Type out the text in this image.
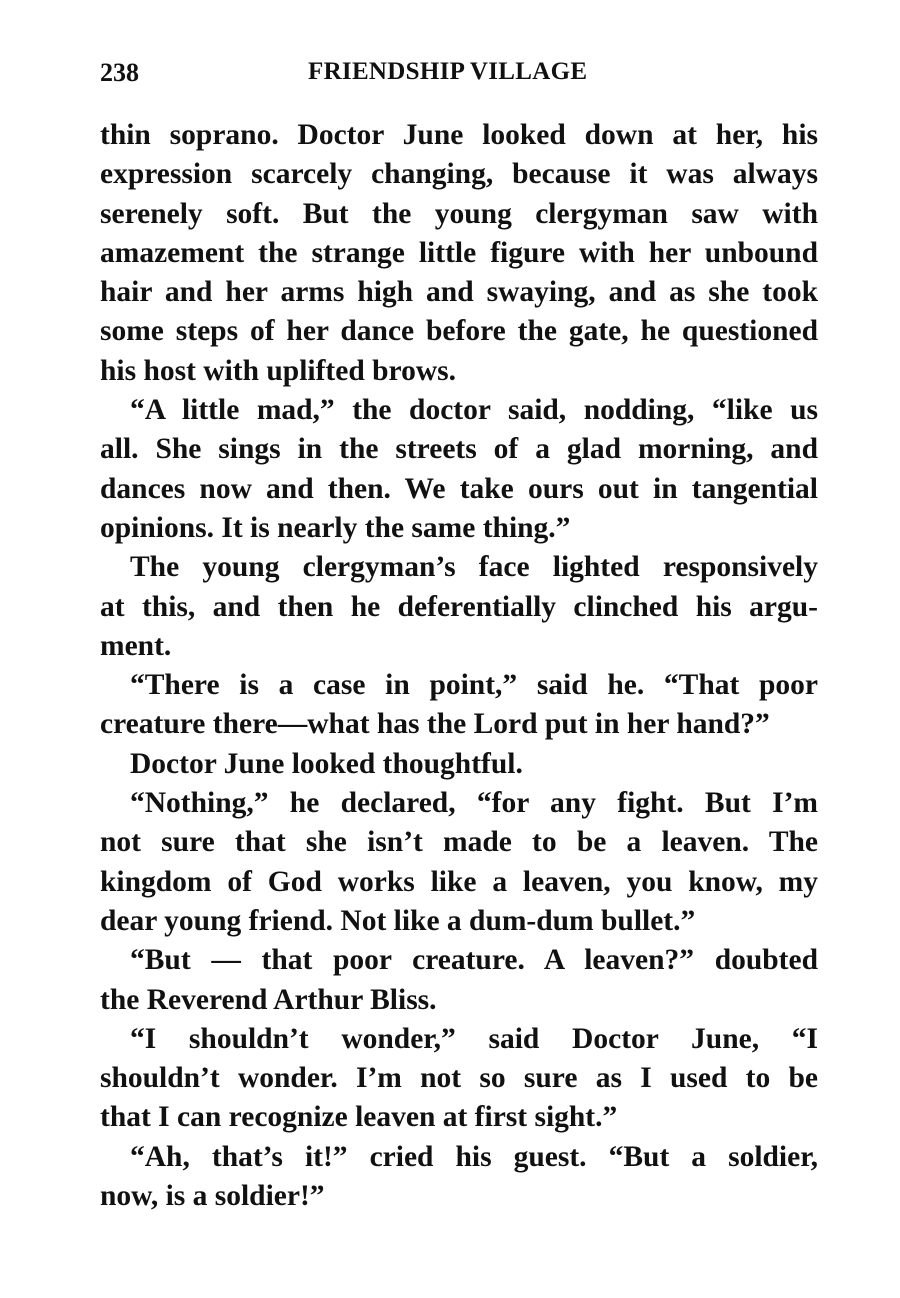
238	FRIENDSHIP VILLAGE
thin soprano. Doctor June looked down at her, his
expression scarcely changing, because it was always
serenely soft. But the young clergyman saw with
amazement the strange little figure with her unbound
hair and her arms high and swaying, and as she took
some steps of her dance before the gate, he questioned
his host with uplifted brows.
“A little mad,” the doctor said, nodding, “like us
all. She sings in the streets of a glad morning, and
dances now and then. We take ours out in tangential
opinions. It is nearly the same thing.”
The young clergyman’s face lighted responsively
at this, and then he deferentially clinched his argu-
ment.
“There is a case in point,” said he. “That poor
creature there—what has the Lord put in her hand?”
Doctor June looked thoughtful.
“Nothing,” he declared, “for any fight. But I’m
not sure that she isn’t made to be a leaven. The
kingdom of God works like a leaven, you know, my
dear young friend. Not like a dum-dum bullet.”
“But — that poor creature. A leaven?” doubted
the Reverend Arthur Bliss.
“I shouldn’t wonder,” said Doctor June, “I
shouldn’t wonder. I’m not so sure as I used to be
that I can recognize leaven at first sight.”
“Ah, that’s it!” cried his guest. “But a soldier,
now, is a soldier!”
